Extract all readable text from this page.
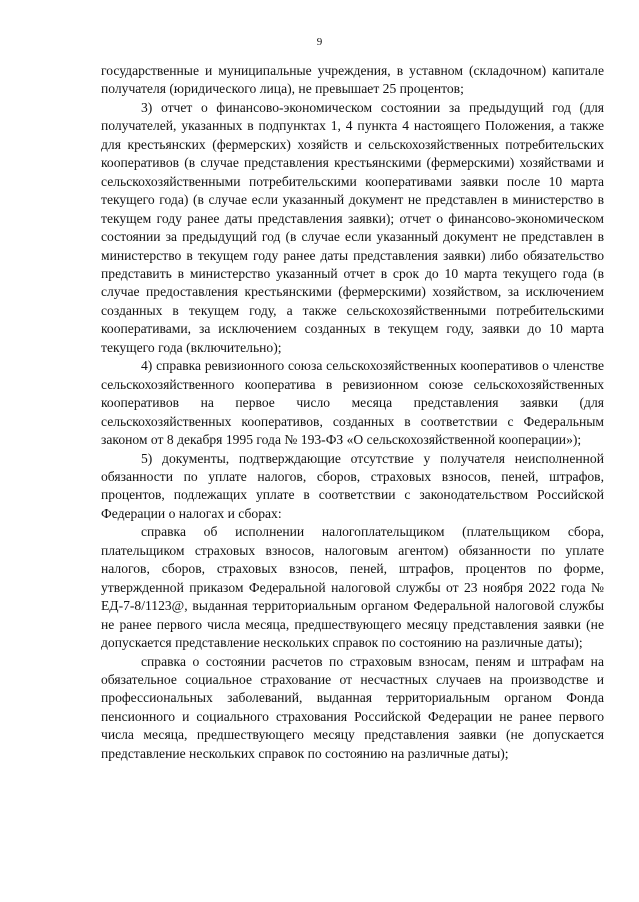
9

государственные и муниципальные учреждения, в уставном (складочном) капитале получателя (юридического лица), не превышает 25 процентов;

3) отчет о финансово-экономическом состоянии за предыдущий год (для получателей, указанных в подпунктах 1, 4 пункта 4 настоящего Положения, а также для крестьянских (фермерских) хозяйств и сельскохозяйственных потребительских кооперативов (в случае представления крестьянскими (фермерскими) хозяйствами и сельскохозяйственными потребительскими кооперативами заявки после 10 марта текущего года) (в случае если указанный документ не представлен в министерство в текущем году ранее даты представления заявки); отчет о финансово-экономическом состоянии за предыдущий год (в случае если указанный документ не представлен в министерство в текущем году ранее даты представления заявки) либо обязательство представить в министерство указанный отчет в срок до 10 марта текущего года (в случае предоставления крестьянскими (фермерскими) хозяйством, за исключением созданных в текущем году, а также сельскохозяйственными потребительскими кооперативами, за исключением созданных в текущем году, заявки до 10 марта текущего года (включительно);

4) справка ревизионного союза сельскохозяйственных кооперативов о членстве сельскохозяйственного кооператива в ревизионном союзе сельскохозяйственных кооперативов на первое число месяца представления заявки (для сельскохозяйственных кооперативов, созданных в соответствии с Федеральным законом от 8 декабря 1995 года № 193-ФЗ «О сельскохозяйственной кооперации»);

5) документы, подтверждающие отсутствие у получателя неисполненной обязанности по уплате налогов, сборов, страховых взносов, пеней, штрафов, процентов, подлежащих уплате в соответствии с законодательством Российской Федерации о налогах и сборах:

справка об исполнении налогоплательщиком (плательщиком сбора, плательщиком страховых взносов, налоговым агентом) обязанности по уплате налогов, сборов, страховых взносов, пеней, штрафов, процентов по форме, утвержденной приказом Федеральной налоговой службы от 23 ноября 2022 года № ЕД-7-8/1123@, выданная территориальным органом Федеральной налоговой службы не ранее первого числа месяца, предшествующего месяцу представления заявки (не допускается представление нескольких справок по состоянию на различные даты);

справка о состоянии расчетов по страховым взносам, пеням и штрафам на обязательное социальное страхование от несчастных случаев на производстве и профессиональных заболеваний, выданная территориальным органом Фонда пенсионного и социального страхования Российской Федерации не ранее первого числа месяца, предшествующего месяцу представления заявки (не допускается представление нескольких справок по состоянию на различные даты);
